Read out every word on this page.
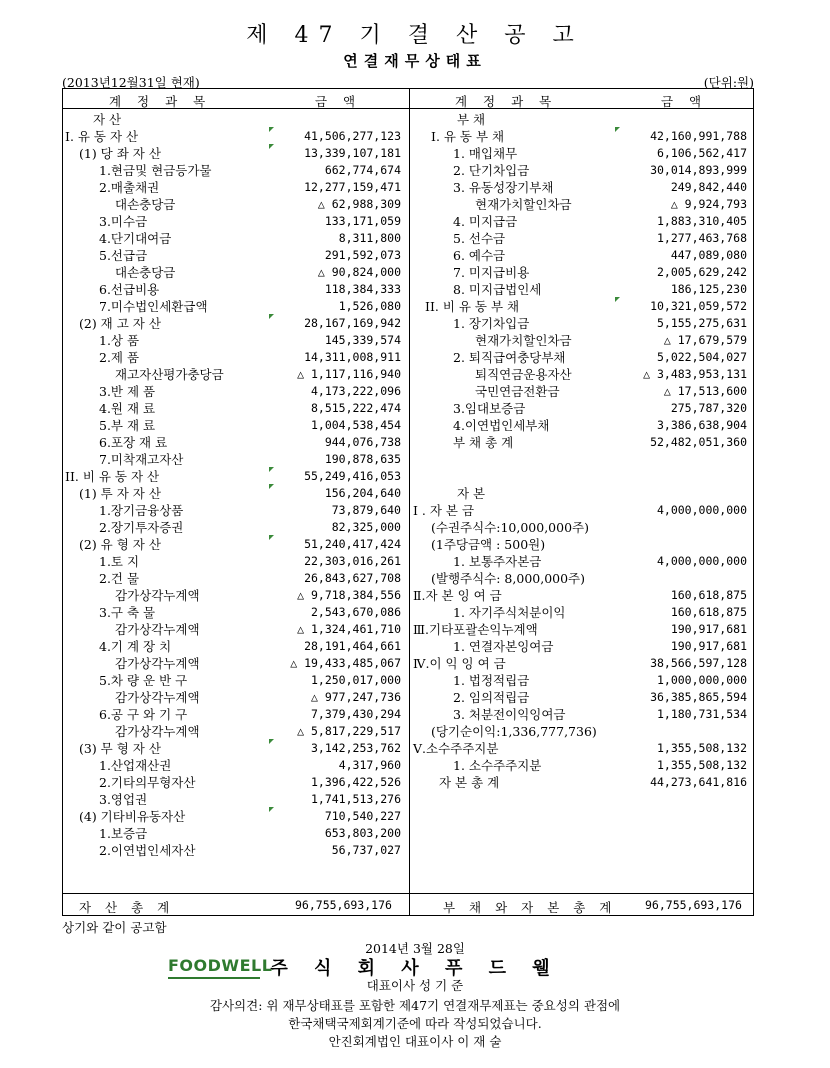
제 47 기 결 산 공 고
연결재무상태표
(2013년12월31일 현재)	(단위:원)
계 정 과 목	금 액	계 정 과 목	금 액
자 산
I. 유 동 자 산	41,506,277,123
(1) 당 좌 자 산	13,339,107,181
1.현금및 현금등가물	662,774,674
2.매출채권	12,277,159,471
대손충당금	△ 62,988,309
3.미수금	133,171,059
4.단기대여금	8,311,800
5.선급금	291,592,073
대손충당금	△ 90,824,000
6.선급비용	118,384,333
7.미수법인세환급액	1,526,080
(2) 재 고 자 산	28,167,169,942
1.상 품	145,339,574
2.제 품	14,311,008,911
재고자산평가충당금	△ 1,117,116,940
3.반 제 품	4,173,222,096
4.원 재 료	8,515,222,474
5.부 재 료	1,004,538,454
6.포장 재 료	944,076,738
7.미착재고자산	190,878,635
II. 비 유 동 자 산	55,249,416,053
(1) 투 자 자 산	156,204,640
1.장기금융상품	73,879,640
2.장기투자증권	82,325,000
(2) 유 형 자 산	51,240,417,424
1.토 지	22,303,016,261
2.건 물	26,843,627,708
감가상각누계액	△ 9,718,384,556
3.구 축 물	2,543,670,086
감가상각누계액	△ 1,324,461,710
4.기 계 장 치	28,191,464,661
감가상각누계액	△ 19,433,485,067
5.차 량 운 반 구	1,250,017,000
감가상각누계액	△ 977,247,736
6.공 구 와 기 구	7,379,430,294
감가상각누계액	△ 5,817,229,517
(3) 무 형 자 산	3,142,253,762
1.산업재산권	4,317,960
2.기타의무형자산	1,396,422,526
3.영업권	1,741,513,276
(4) 기타비유동자산	710,540,227
1.보증금	653,803,200
2.이연법인세자산	56,737,027
부 채
I. 유 동 부 채	42,160,991,788
1. 매입채무	6,106,562,417
2. 단기차입금	30,014,893,999
3. 유동성장기부채	249,842,440
현재가치할인차금	△ 9,924,793
4. 미지급금	1,883,310,405
5. 선수금	1,277,463,768
6. 예수금	447,089,080
7. 미지급비용	2,005,629,242
8. 미지급법인세	186,125,230
II. 비 유 동 부 채	10,321,059,572
1. 장기차입금	5,155,275,631
현재가치할인차금	△ 17,679,579
2. 퇴직급여충당부채	5,022,504,027
퇴직연금운용자산	△ 3,483,953,131
국민연금전환금	△ 17,513,600
3.임대보증금	275,787,320
4.이연법인세부채	3,386,638,904
부 채 총 계	52,482,051,360
자 본
I . 자 본 금	4,000,000,000
(수권주식수:10,000,000주)
(1주당금액 : 500원)
1. 보통주자본금	4,000,000,000
(발행주식수: 8,000,000주)
Ⅱ.자 본 잉 여 금	160,618,875
1. 자기주식처분이익	160,618,875
Ⅲ.기타포괄손익누계액	190,917,681
1. 연결자본잉여금	190,917,681
Ⅳ.이 익 잉 여 금	38,566,597,128
1. 법정적립금	1,000,000,000
2. 임의적립금	36,385,865,594
3. 처분전이익잉여금	1,180,731,534
(당기순이익:1,336,777,736)
Ⅴ.소수주주지분	1,355,508,132
1. 소수주주지분	1,355,508,132
자 본 총 계	44,273,641,816
자 산 총 계	96,755,693,176	부 채 와 자 본 총 계 96,755,693,176
상기와 같이 공고함
2014년 3월 28일
FOODWELL
주 식 회 사 푸 드 웰
대표이사 성 기 준
감사의견: 위 재무상태표를 포함한 제47기 연결재무제표는 중요성의 관점에
한국채택국제회계기준에 따라 작성되었습니다.
안진회계법인 대표이사 이 재 술
